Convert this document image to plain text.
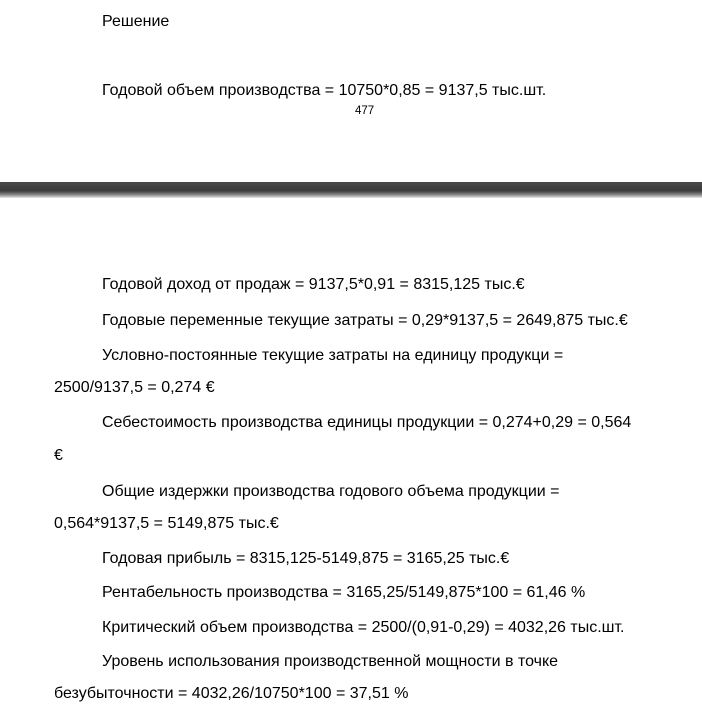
Решение
Годовой объем производства = 10750*0,85 = 9137,5 тыс.шт.
477
Годовой доход от продаж = 9137,5*0,91 = 8315,125 тыс.€
Годовые переменные текущие затраты = 0,29*9137,5 = 2649,875 тыс.€
Условно-постоянные текущие затраты на единицу продукци =
2500/9137,5 = 0,274 €
Себестоимость производства единицы продукции = 0,274+0,29 = 0,564
€
Общие издержки производства годового объема продукции =
0,564*9137,5 = 5149,875 тыс.€
Годовая прибыль = 8315,125-5149,875 = 3165,25 тыс.€
Рентабельность производства = 3165,25/5149,875*100 = 61,46 %
Критический объем производства = 2500/(0,91-0,29) = 4032,26 тыс.шт.
Уровень использования производственной мощности в точке
безубыточности = 4032,26/10750*100 = 37,51 %
